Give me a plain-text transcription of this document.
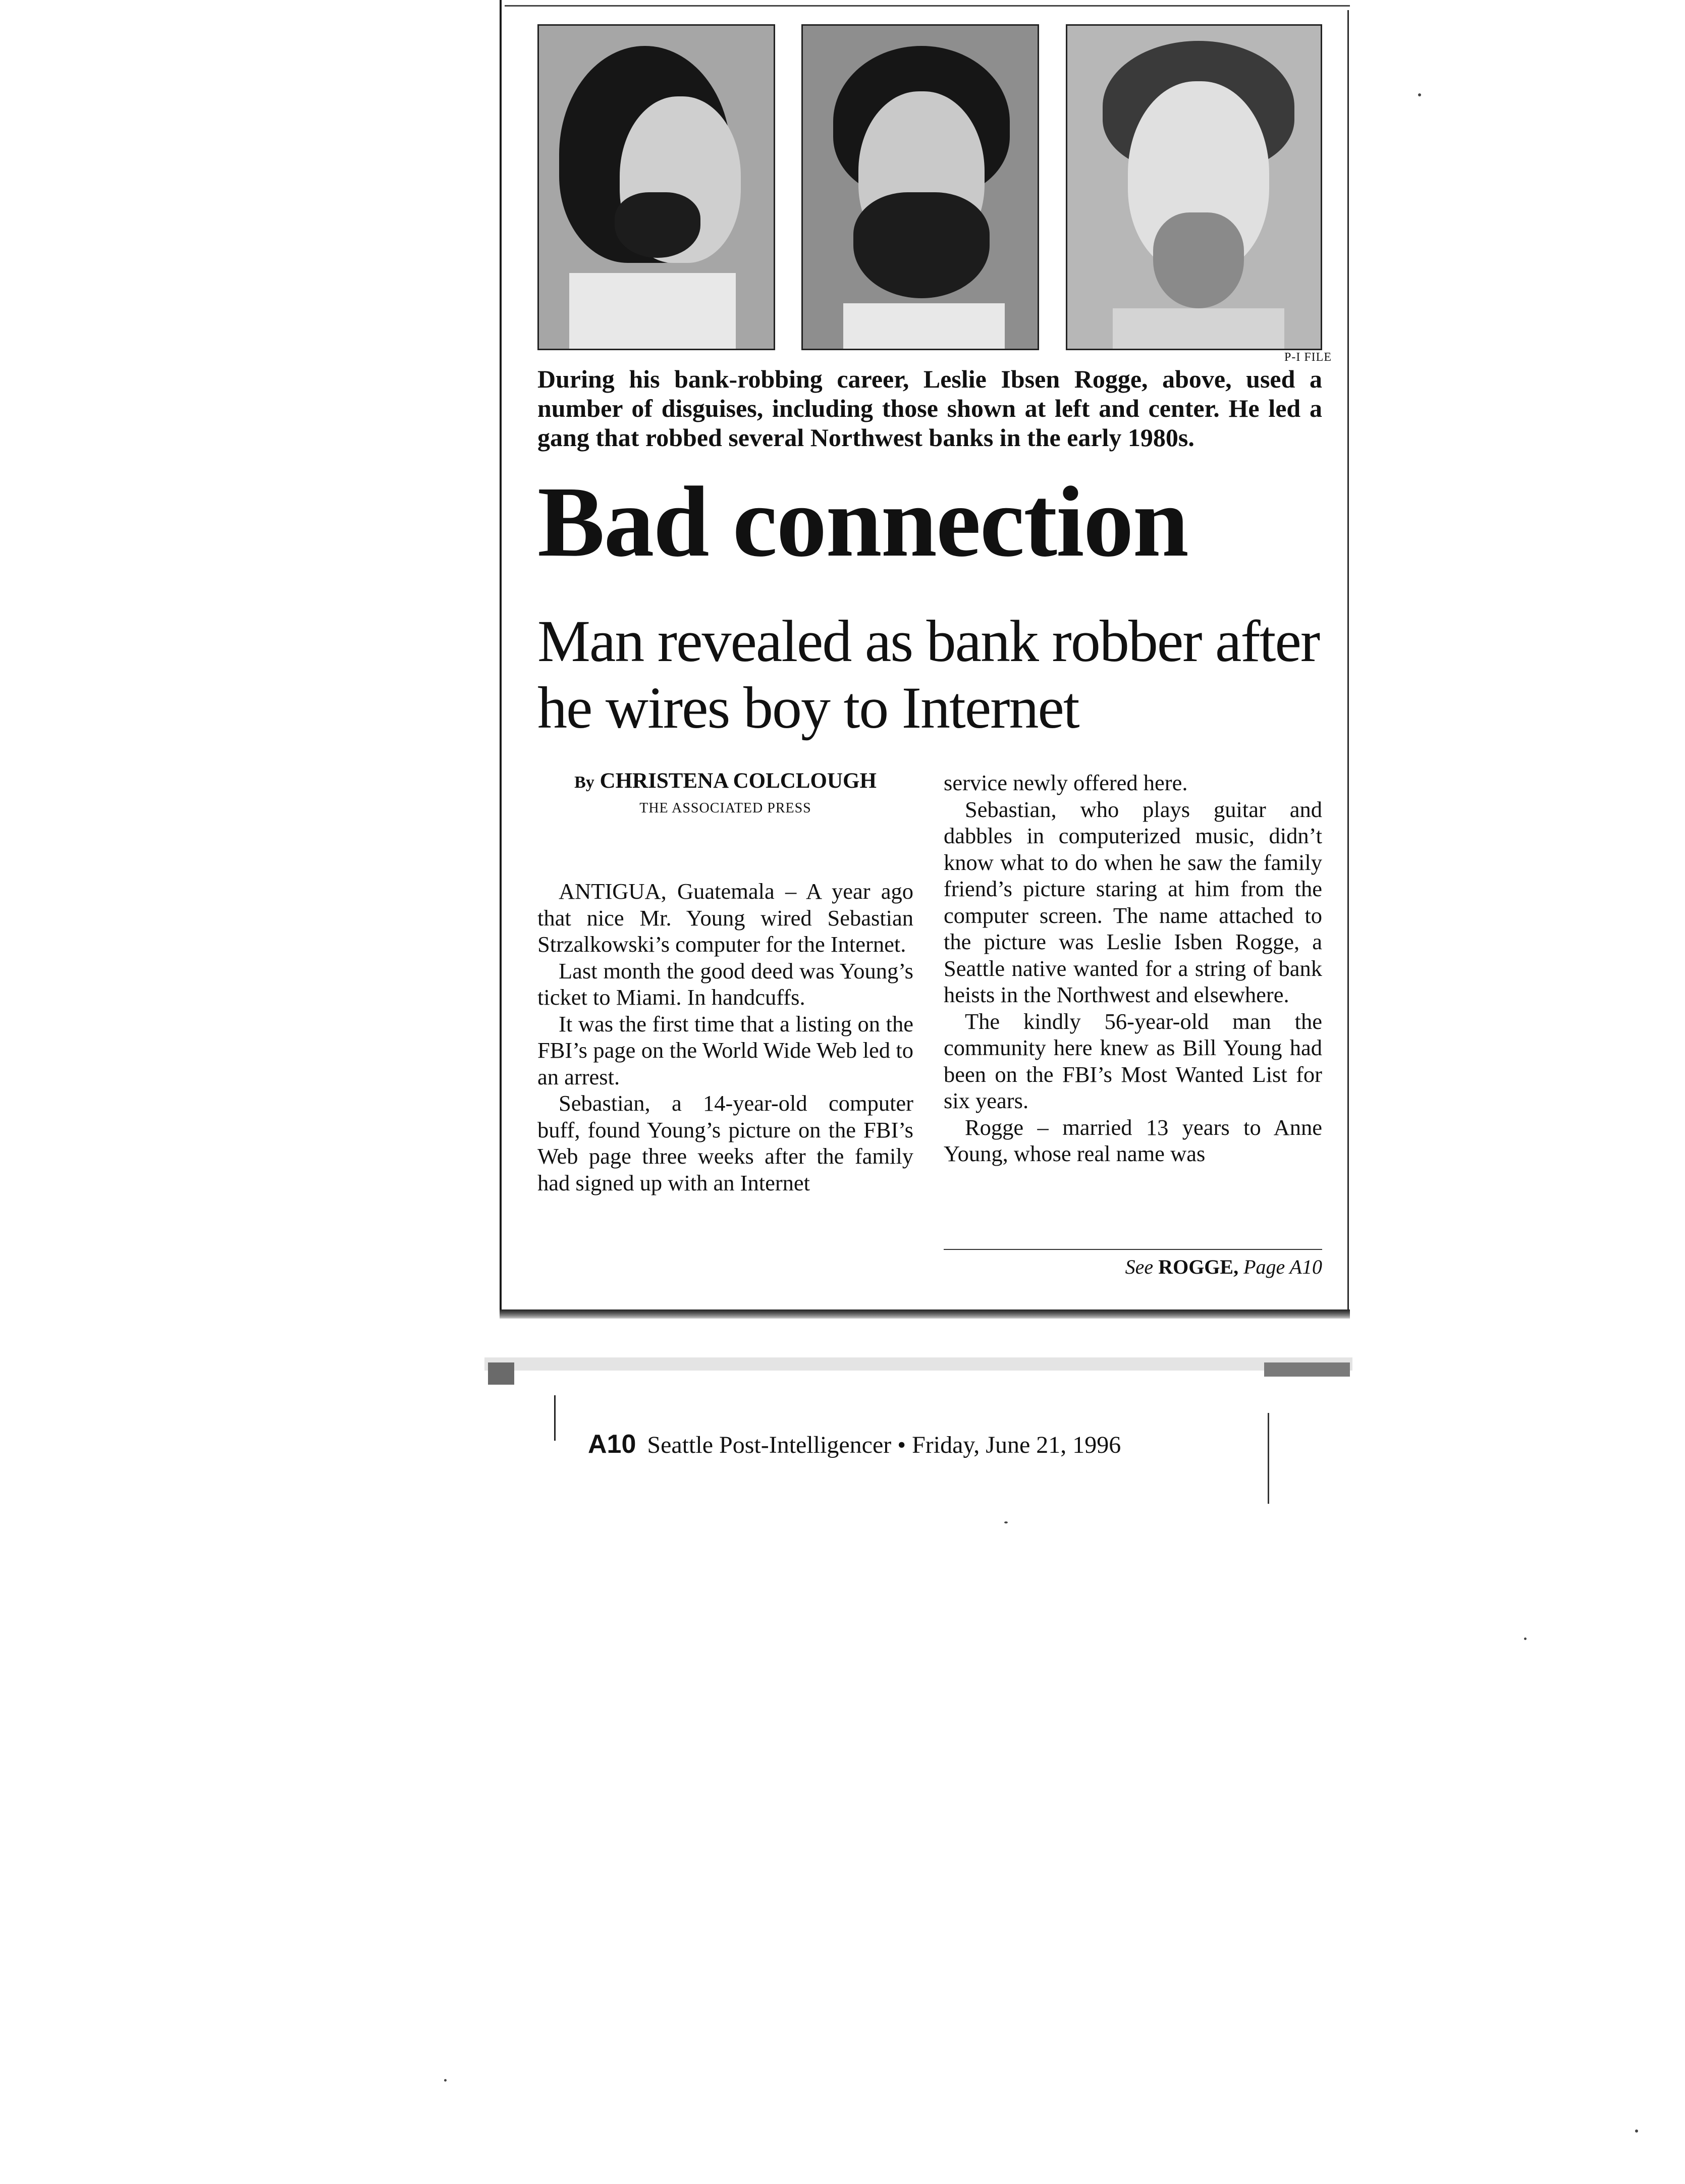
P-I FILE
During his bank-robbing career, Leslie Ibsen Rogge, above, used a number of disguises, including those shown at left and center. He led a gang that robbed several Northwest banks in the early 1980s.
Bad connection
Man revealed as bank robber after he wires boy to Internet
By CHRISTENA COLCLOUGH
THE ASSOCIATED PRESS

ANTIGUA, Guatemala – A year ago that nice Mr. Young wired Sebastian Strzalkowski’s computer for the Internet.

Last month the good deed was Young’s ticket to Miami. In handcuffs.

It was the first time that a listing on the FBI’s page on the World Wide Web led to an arrest.

Sebastian, a 14-year-old computer buff, found Young’s picture on the FBI’s Web page three weeks after the family had signed up with an Internet

service newly offered here.

Sebastian, who plays guitar and dabbles in computerized music, didn’t know what to do when he saw the family friend’s picture staring at him from the computer screen. The name attached to the picture was Leslie Isben Rogge, a Seattle native wanted for a string of bank heists in the Northwest and elsewhere.

The kindly 56-year-old man the community here knew as Bill Young had been on the FBI’s Most Wanted List for six years.

Rogge – married 13 years to Anne Young, whose real name was

See ROGGE, Page A10
A10 Seattle Post-Intelligencer • Friday, June 21, 1996
